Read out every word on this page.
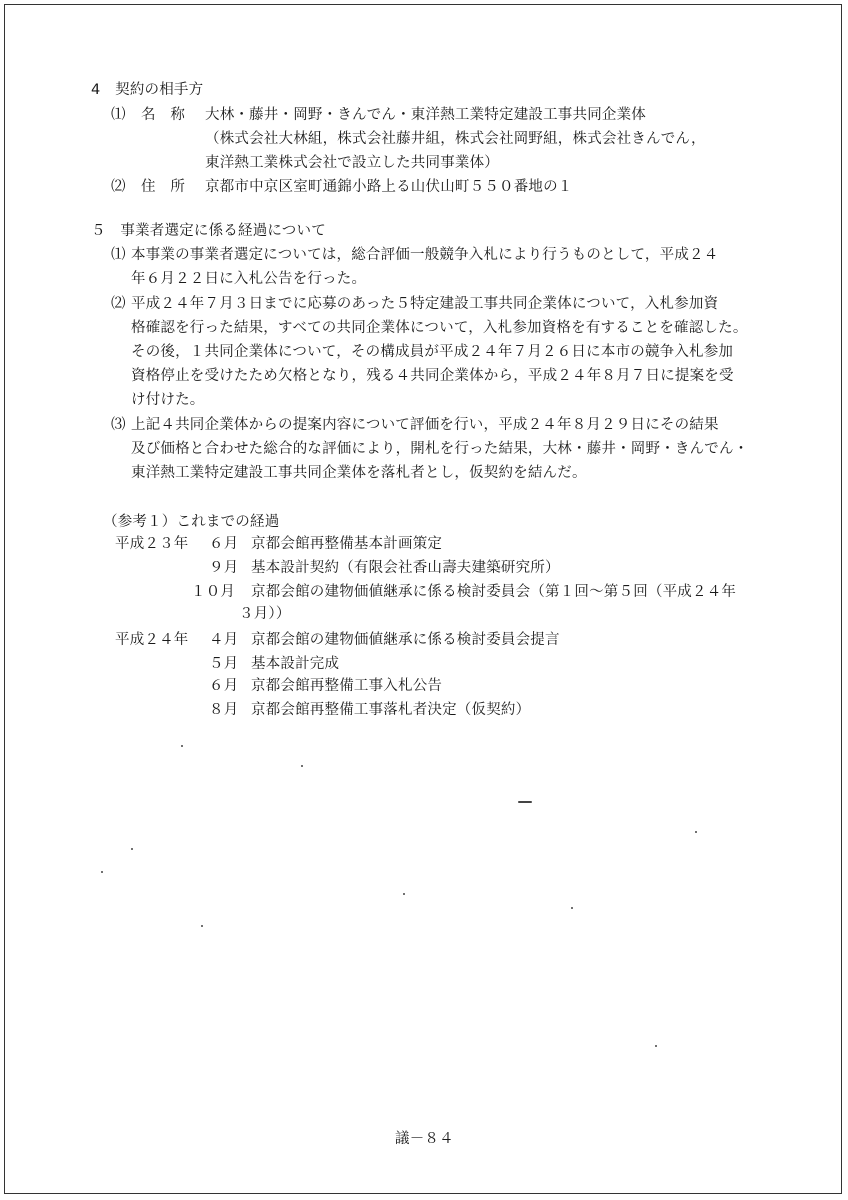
4　契約の相手方
⑴ 名　称 大林・藤井・岡野・きんでん・東洋熱工業特定建設工事共同企業体
（株式会社大林組，株式会社藤井組，株式会社岡野組，株式会社きんでん，
東洋熱工業株式会社で設立した共同事業体）
⑵ 住　所 京都市中京区室町通錦小路上る山伏山町５５０番地の１
５　事業者選定に係る経過について
⑴ 本事業の事業者選定については，総合評価一般競争入札により行うものとして，平成２４
年６月２２日に入札公告を行った。
⑵ 平成２４年７月３日までに応募のあった５特定建設工事共同企業体について，入札参加資
格確認を行った結果，すべての共同企業体について，入札参加資格を有することを確認した。
その後，１共同企業体について，その構成員が平成２４年７月２６日に本市の競争入札参加
資格停止を受けたため欠格となり，残る４共同企業体から，平成２４年８月７日に提案を受
け付けた。
⑶ 上記４共同企業体からの提案内容について評価を行い，平成２４年８月２９日にその結果
及び価格と合わせた総合的な評価により，開札を行った結果，大林・藤井・岡野・きんでん・
東洋熱工業特定建設工事共同企業体を落札者とし，仮契約を結んだ。
（参考１）これまでの経過
平成２３年 ６月 京都会館再整備基本計画策定
９月 基本設計契約（有限会社香山壽夫建築研究所）
１０月 京都会館の建物価値継承に係る検討委員会（第１回～第５回（平成２４年
３月））
平成２４年 ４月 京都会館の建物価値継承に係る検討委員会提言
５月 基本設計完成
６月 京都会館再整備工事入札公告
８月 京都会館再整備工事落札者決定（仮契約）
議－８４
